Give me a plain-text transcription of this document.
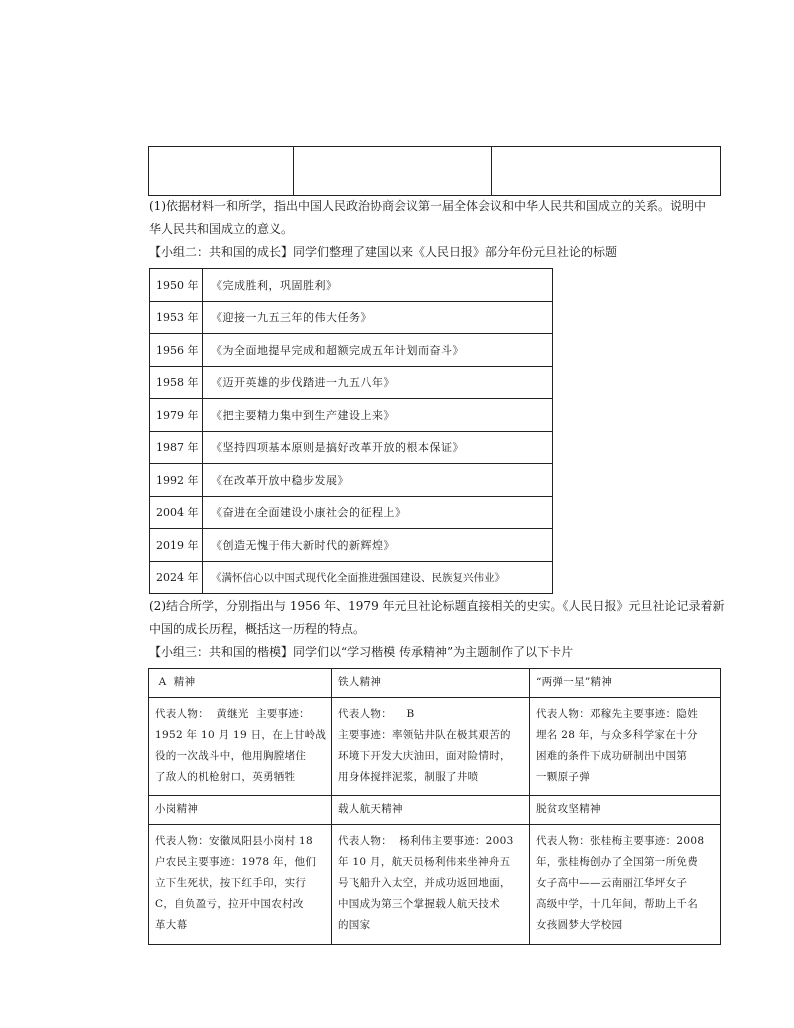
(1)依据材料一和所学，指出中国人民政治协商会议第一届全体会议和中华人民共和国成立的关系。说明中

华人民共和国成立的意义。

【小组二：共和国的成长】同学们整理了建国以来《人民日报》部分年份元旦社论的标题

1950 年	《完成胜利，巩固胜利》
1953 年	《迎接一九五三年的伟大任务》
1956 年	《为全面地提早完成和超额完成五年计划而奋斗》
1958 年	《迈开英雄的步伐踏进一九五八年》
1979 年	《把主要精力集中到生产建设上来》
1987 年	《坚持四项基本原则是搞好改革开放的根本保证》
1992 年	《在改革开放中稳步发展》
2004 年	《奋进在全面建设小康社会的征程上》
2019 年	《创造无愧于伟大新时代的新辉煌》
2024 年	《满怀信心以中国式现代化全面推进强国建设、民族复兴伟业》

(2)结合所学，分别指出与 1956 年、1979 年元旦社论标题直接相关的史实。《人民日报》元旦社论记录着新

中国的成长历程，概括这一历程的特点。

【小组三：共和国的楷模】同学们以“学习楷模 传承精神”为主题制作了以下卡片

A  精神	铁人精神	“两弹一星”精神

代表人物：  黄继光  主要事迹：
1952 年 10 月 19 日，在上甘岭战
役的一次战斗中，他用胸膛堵住
了敌人的机枪射口，英勇牺牲	代表人物：    B
主要事迹：率领钻井队在极其艰苦的
环境下开发大庆油田，面对险情时，
用身体搅拌泥浆，制服了井喷	代表人物：邓稼先主要事迹：隐姓
埋名 28 年，与众多科学家在十分
困难的条件下成功研制出中国第
一颗原子弹

小岗精神	载人航天精神	脱贫攻坚精神

代表人物：安徽凤阳县小岗村 18
户农民主要事迹：1978 年，他们
立下生死状，按下红手印，实行
C，自负盈亏，拉开中国农村改
革大幕	代表人物：  杨利伟主要事迹：2003
年 10 月，航天员杨利伟来坐神舟五
号飞船升入太空，并成功返回地面，
中国成为第三个掌握载人航天技术
的国家	代表人物：张桂梅主要事迹：2008
年，张桂梅创办了全国第一所免费
女子高中——云南丽江华坪女子
高级中学，十几年间，帮助上千名
女孩圆梦大学校园
